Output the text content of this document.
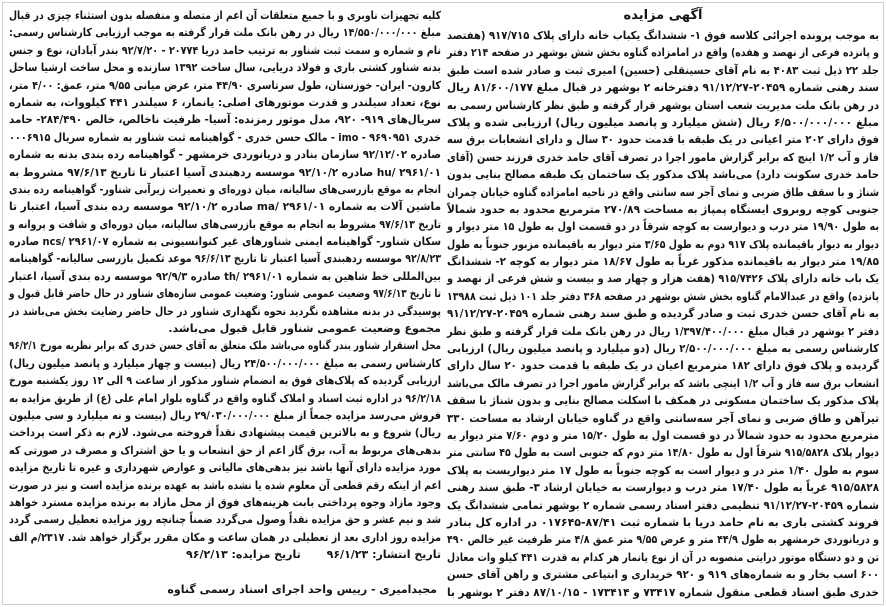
آگهی مزایده
به موجب پرونده اجرائی کلاسه فوق ۱- ششدانگ یکباب خانه دارای پلاک ۹۱۷/۷۱۵ (هفتصد
و پانزده فرعی از نهصد و هفده) واقع در امامزاده گناوه بخش شش بوشهر در صفحه ۲۱۴ دفتر
جلد ۲۲ ذیل ثبت ۴۰۸۳ به نام آقای حسینقلی (حسین) امیری ثبت و صادر شده است طبق
سند رهنی شماره ۲۰۴۵۹-۹۱/۱۲/۲۷ دفترخانه ۲ بوشهر در قبال مبلغ ۸۱/۶۰۰/۱۷۷ ریال
در رهن بانک ملت مدیریت شعب استان بوشهر قرار گرفته و طبق نظر کارشناس رسمی به
مبلغ ۶/۵۰۰/۰۰۰/۰۰۰ ریال (شش میلیارد و پانصد میلیون ریال) ارزیابی شده و پلاک
فوق دارای ۲۰۲ متر اعیانی در یک طبقه با قدمت حدود ۳۰ سال و دارای انشعابات برق سه
فاز و آب ۱/۲ اینچ که برابر گزارش مامور اجرا در تصرف آقای حامد خدری فرزند حسن (آقای
حامد خدری سکونت دارد) می‌باشد پلاک مذکور یک ساختمان یک طبقه مصالح بنایی بدون
شناژ و با سقف طاق ضربی و نمای آجر سه سانتی واقع در ناحیه امامزاده گناوه خیابان چمران
جنوبی کوچه روبروی ایستگاه پمپاژ به مساحت ۲۷۰/۸۹ مترمربع محدود به حدود شمالاً
به طول ۱۹/۹۰ متر درب و دیوارست به کوچه شرقاً در دو قسمت اول به طول ۱۵ متر دیوار و
دیوار به دیوار باقیمانده پلاک ۹۱۷ دوم به طول ۳/۶۵ متر دیوار به باقیمانده مزبور جنوباً به طول
۱۹/۸۵ متر دیوار به باقیمانده مذکور غرباً به طول ۱۸/۶۷ متر دیوار به کوچه ۲- ششدانگ
یک باب خانه دارای پلاک ۹۱۵/۷۴۲۶ (هفت هزار و چهار صد و بیست و شش فرعی از نهصد و
پانزده) واقع در عبدالامام گناوه بخش شش بوشهر در صفحه ۳۶۸ دفتر جلد ۱۰۱ ذیل ثبت ۱۳۹۸۸
به نام آقای حسن خدری ثبت و صادر گردیده و طبق سند رهنی شماره ۲۰۴۵۹-۹۱/۱۲/۲۷
دفتر ۲ بوشهر در قبال مبلغ ۱/۳۹۷/۴۰۰/۰۰۰ ریال در رهن بانک ملت قرار گرفته و طبق نظر
کارشناس رسمی به مبلغ ۲/۵۰۰/۰۰۰/۰۰۰ ریال (دو میلیارد و پانصد میلیون ریال) ارزیابی
گردیده و پلاک فوق دارای ۱۸۲ مترمربع اعیان در یک طبقه با قدمت حدود ۲۰ سال دارای
انشعاب برق سه فاز و آب ۱/۲ اینچی باشد که برابر گزارش مامور اجرا در تصرف مالک می‌باشد
پلاک مذکور یک ساختمان مسکونی در همکف با اسکلت مصالح بنایی و بدون شناژ با سقف
تیرآهن و طاق ضربی و نمای آجر سه‌سانتی واقع در گناوه خیابان ارشاد به مساحت ۳۳۰
مترمربع محدود به حدود شمالاً در دو قسمت اول به طول ۱۵/۲۰ متر و دوم ۷/۶۰ متر دیوار به
دیوار پلاک ۹۱۵/۵۸۲۸ شرقاً اول به طول ۱۴/۸۰ متر دوم که جنوبی است به طول ۴۵ سانتی متر
سوم به طول ۱/۴۰ متر در و دیوار است به کوچه جنوباً به طول ۱۷ متر دیواریست به پلاک
۹۱۵/۵۸۲۸ غرباً به طول ۱۷/۴۰ متر درب و دیوارست به خیابان ارشاد ۳- طبق سند رهنی
شماره ۲۰۴۵۹-۹۱/۱۲/۲۷ تنظیمی دفتر اسناد رسمی شماره ۲ بوشهر تمامی ششدانگ یک
فروند کشتی باری به نام حامد دریا با شماره ثبت ۸۷/۴۱-۰۱۷۶۴۵ در اداره کل بنادر
و دریانوردی خرمشهر به طول ۴۴/۹ متر و عرض ۹/۵۵ متر عمق ۴/۸ متر ظرفیت غیر خالص ۴۹۰
تن و دو دستگاه موتور درایتی منصوبه در آن از نوع یانمار هر کدام به قدرت ۴۴۱ کیلو وات معادل
۶۰۰ اسب بخار و به شماره‌های ۹۱۹ و ۹۲۰ خریداری و ابتیاعی مشتری و راهن آقای حسن
خدری طبق اسناد قطعی منقول شماره ۷۳۴۱۷ و ۱۷۳۴۱۴ - ۸۷/۱۰/۱۵ دفتر ۲ بوشهر با
کلیه تجهیزات ناوبری و با جمیع متعلقات آن اعم از متصله و منفصله بدون استثناء چیزی در قبال
مبلغ ۱۴/۵۵۰/۰۰۰/۰۰۰ ریال در رهن بانک ملت قرار گرفته به موجب ارزیابی کارشناس رسمی:
نام و شماره و سمت ثبت شناور به ترتیب حامد دریا ۲۰۷۷۴ - ۹۲/۷/۲۰ بندر آبادان، نوع و جنس
بدنه شناور کشتی باری و فولاد دریایی، سال ساخت ۱۳۹۲ سازنده و محل ساخت ارشیا ساحل
کارون- ایران- خوزستان، طول سرتاسری ۴۴/۹۰ متر، عرض میانی ۹/۵۵ متر، عمق: ۴/۰۰ متر،
نوع، تعداد سیلندر و قدرت موتورهای اصلی: یانمار، ۶ سیلندر ۴۴۱ کیلووات، به شماره
سریال‌های ۹۱۹- ۹۲۰، مدل موتور رمزنده: آسیا- ظرفیت ناخالص، خالص ۲۸۴/۴۹۰- حامد
خدری ۹۶۹۰۹۵۱ - imo - مالک حسن خدری - گواهینامه ثبت شناور به شماره سریال ۰۰۰۶۹۱۵
صادره ۹۲/۱۲/۰۲ سازمان بنادر و دریانوردی خرمشهر - گواهینامه رده بندی بدنه به شماره
hu/ ۲۹۶۱/۰۱ صادره ۹۲/۱۰/۲ موسسه ردهبندی آسیا اعتبار تا تاریخ ۹۷/۶/۱۳ مشروط به
انجام به موقع بازرسی‌های سالیانه، میان دوره‌ای و تعمیرات زیرآبی شناور- گواهینامه رده بندی
ماشین آلات به شماره ma/ ۲۹۶۱/۰۱ صادره ۹۲/۱۰/۲ موسسه رده بندی آسیا، اعتبار تا
تاریخ ۹۷/۶/۱۳ مشروط به انجام به موقع بازرسی‌های سالیانه، میان دوره‌ای و شافت و پروانه و
سکان شناور- گواهینامه ایمنی شناورهای غیر کنوانسیونی به شماره ncs/ ۲۹۶۱/۰۷ صادره
۹۲/۸/۲۳ موسسه ردهبندی آسیا اعتبار تا تاریخ ۹۶/۶/۱۳ موعد تکمیل بازرسی سالیانه- گواهینامه
بین‌المللی خط شاهین به شماره th/ ۲۹۶۱/۰۱ صادره ۹۲/۹/۳ موسسه رده بندی آسیا، اعتبار
تا تاریخ ۹۷/۶/۱۳ وضعیت عمومی شناور: وضعیت عمومی سازه‌های شناور در حال حاضر قابل قبول و
پوسیدگی در بدنه مشاهده نگردید نحوه نگهداری شناور در حال حاضر رضایت بخش می‌باشد در
مجموع وضعیت عمومی شناور قابل قبول می‌باشد.
محل استقرار شناور بندر گناوه می‌باشد ملک متعلق به آقای حسن خدری که برابر نظریه مورخ ۹۶/۲/۱
کارشناس رسمی به مبلغ ۲۴/۵۰۰/۰۰۰/۰۰۰ ریال (بیست و چهار میلیارد و پانصد میلیون ریال)
ارزیابی گردیده که پلاک‌های فوق به انضمام شناور مذکور از ساعت ۹ الی ۱۲ روز یکشنبه مورخ
۹۶/۲/۱۸ در اداره ثبت اسناد و املاک گناوه واقع در گناوه بلوار امام علی (ع) از طریق مزایده به
فروش می‌رسد مزایده جمعاً از مبلغ ۲۹/۰۳۰/۰۰۰/۰۰۰ ریال (بیست و نه میلیارد و سی میلیون
ریال) شروع و به بالاترین قیمت پیشنهادی نقداً فروخته می‌شود. لازم به ذکر است پرداخت
بدهی‌های مربوط به آب، برق گاز اعم از حق انشعاب و یا حق اشتراک و مصرف در صورتی که
مورد مزایده دارای آنها باشد نیز بدهی‌های مالیاتی و عوارض شهرداری و غیره تا تاریخ مزایده
اعم از اینکه رقم قطعی آن معلوم شده یا نشده باشد به عهده برنده مزایده است و نیز در صورت
وجود مازاد وجوه پرداختی بابت هزینه‌های فوق از محل مازاد به برنده مزایده مسترد خواهد
شد و نیم عشر و حق مزایده نقداً وصول می‌گردد ضمناً چنانچه روز مزایده تعطیل رسمی گردد
مزایده روز اداری بعد از تعطیلی در همان ساعت و مکان مقرر برگزار خواهد شد. ۲۳۱۷/م الف
تاریخ انتشار: ۹۶/۱/۲۳ تاریخ مزایده: ۹۶/۲/۱۳
مجیدامیری - رییس واحد اجرای اسناد رسمی گناوه
